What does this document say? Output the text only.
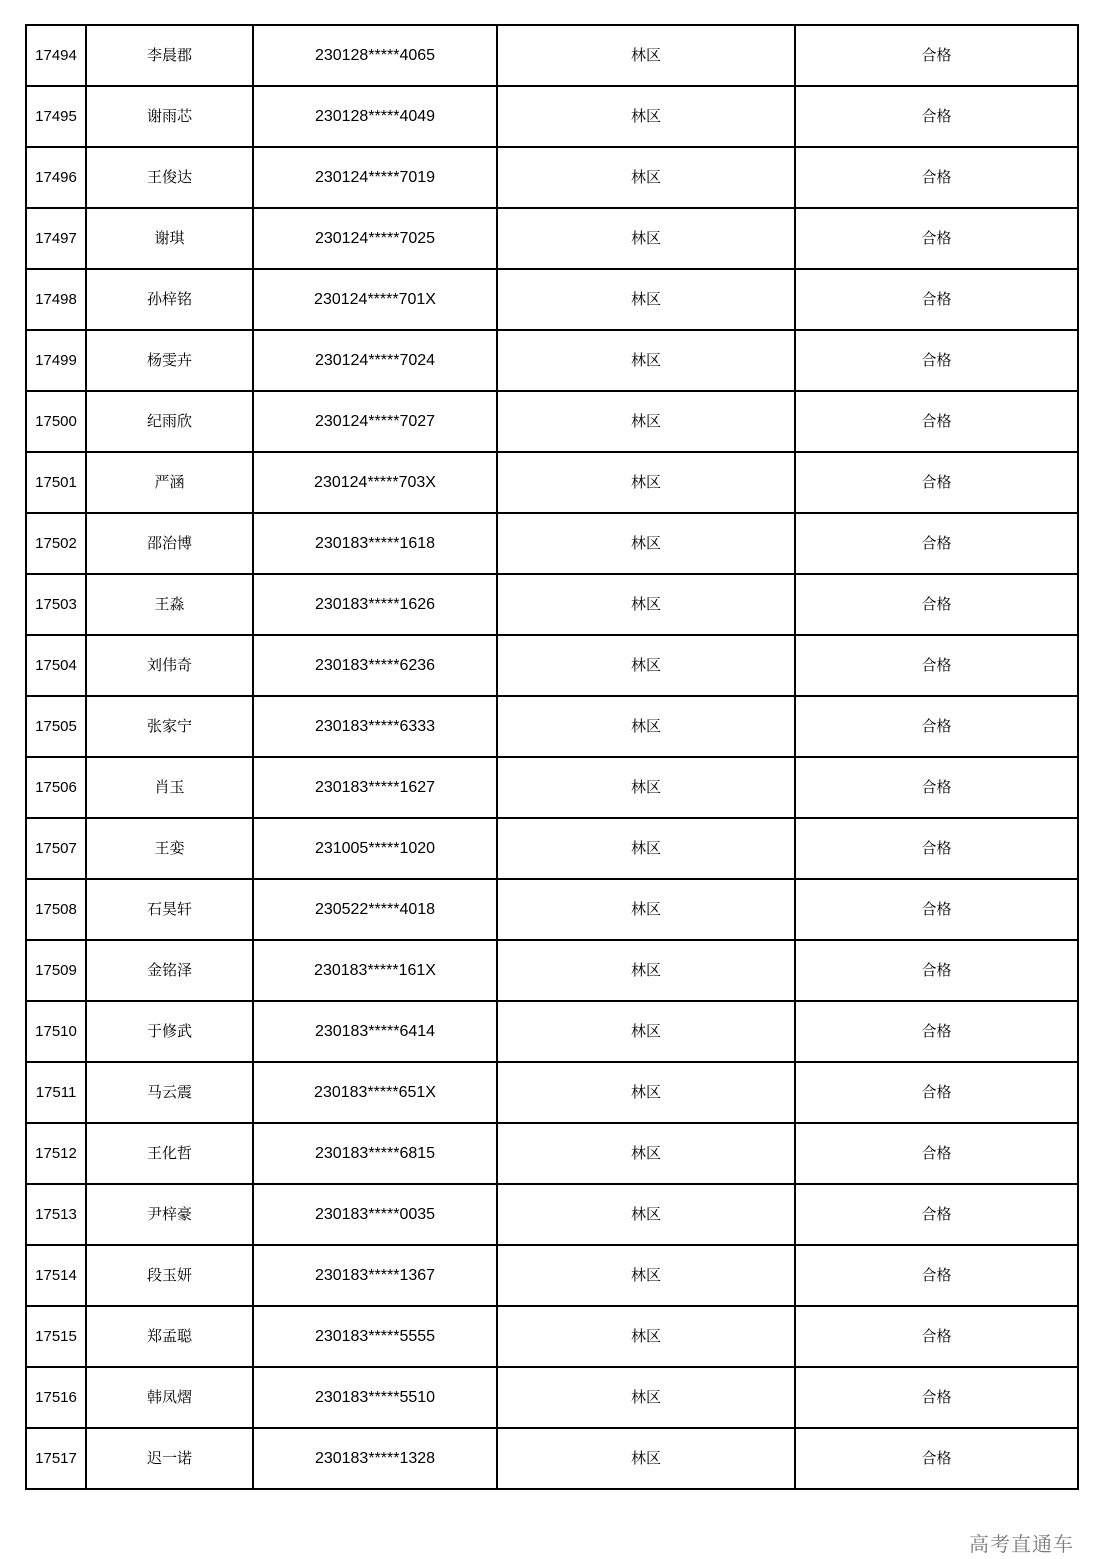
17494	李晨郡	230128*****4065	林区	合格
17495	谢雨芯	230128*****4049	林区	合格
17496	王俊达	230124*****7019	林区	合格
17497	谢琪	230124*****7025	林区	合格
17498	孙梓铭	230124*****701X	林区	合格
17499	杨雯卉	230124*****7024	林区	合格
17500	纪雨欣	230124*****7027	林区	合格
17501	严涵	230124*****703X	林区	合格
17502	邵治博	230183*****1618	林区	合格
17503	王淼	230183*****1626	林区	合格
17504	刘伟奇	230183*****6236	林区	合格
17505	张家宁	230183*****6333	林区	合格
17506	肖玉	230183*****1627	林区	合格
17507	王娈	231005*****1020	林区	合格
17508	石昊轩	230522*****4018	林区	合格
17509	金铭泽	230183*****161X	林区	合格
17510	于修武	230183*****6414	林区	合格
17511	马云震	230183*****651X	林区	合格
17512	王化哲	230183*****6815	林区	合格
17513	尹梓豪	230183*****0035	林区	合格
17514	段玉妍	230183*****1367	林区	合格
17515	郑孟聪	230183*****5555	林区	合格
17516	韩凤熠	230183*****5510	林区	合格
17517	迟一诺	230183*****1328	林区	合格
高考直通车
